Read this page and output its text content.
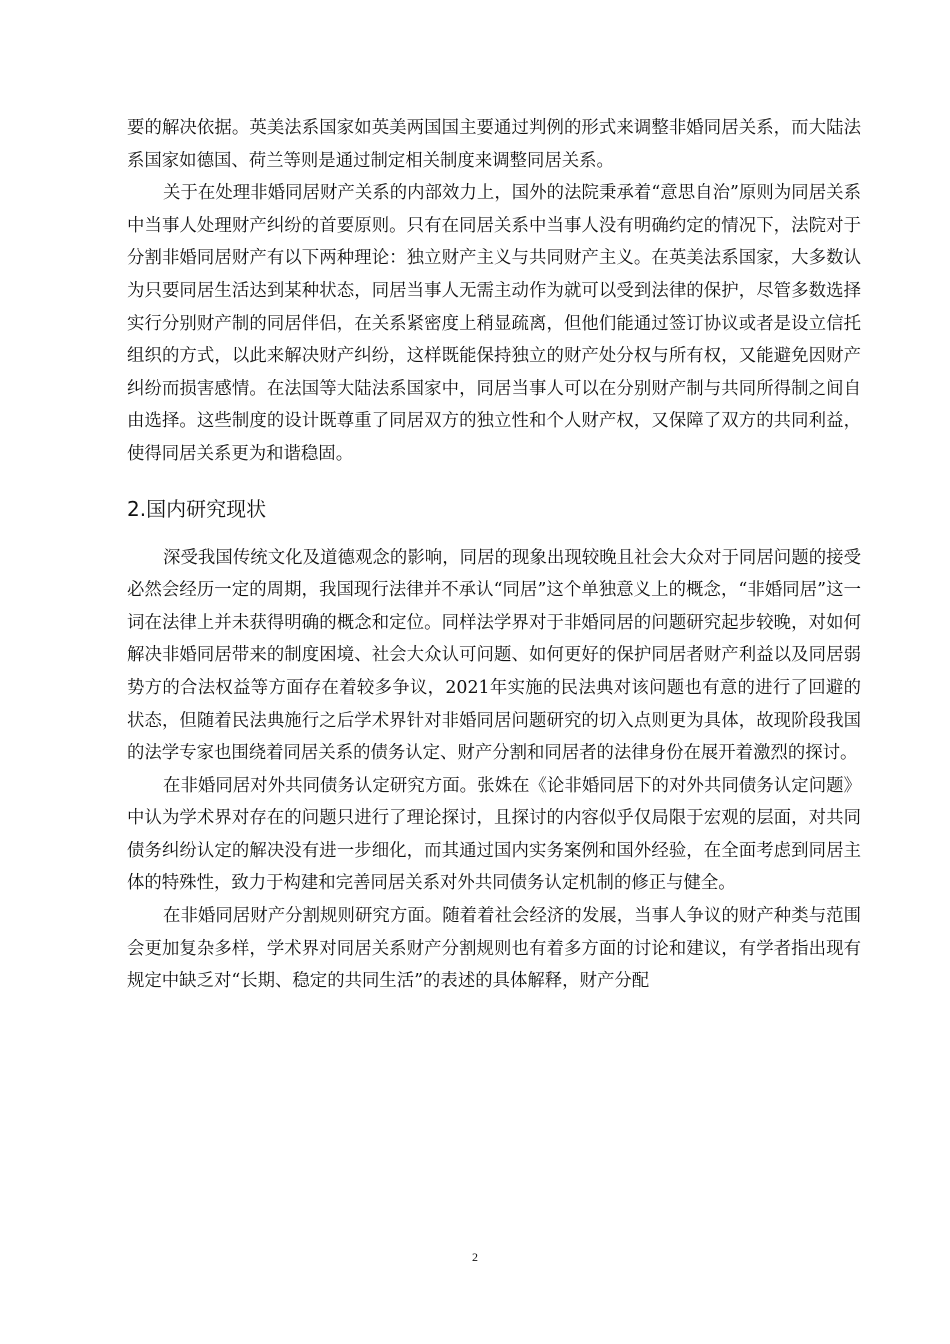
要的解决依据。英美法系国家如英美两国国主要通过判例的形式来调整非婚同居关系，而大陆法系国家如德国、荷兰等则是通过制定相关制度来调整同居关系。

关于在处理非婚同居财产关系的内部效力上，国外的法院秉承着“意思自治”原则为同居关系中当事人处理财产纠纷的首要原则。只有在同居关系中当事人没有明确约定的情况下，法院对于分割非婚同居财产有以下两种理论：独立财产主义与共同财产主义。在英美法系国家，大多数认为只要同居生活达到某种状态，同居当事人无需主动作为就可以受到法律的保护，尽管多数选择实行分别财产制的同居伴侣，在关系紧密度上稍显疏离，但他们能通过签订协议或者是设立信托组织的方式，以此来解决财产纠纷，这样既能保持独立的财产处分权与所有权，又能避免因财产纠纷而损害感情。在法国等大陆法系国家中，同居当事人可以在分别财产制与共同所得制之间自由选择。这些制度的设计既尊重了同居双方的独立性和个人财产权，又保障了双方的共同利益，使得同居关系更为和谐稳固。

2.国内研究现状

深受我国传统文化及道德观念的影响，同居的现象出现较晚且社会大众对于同居问题的接受必然会经历一定的周期，我国现行法律并不承认“同居”这个单独意义上的概念，“非婚同居”这一词在法律上并未获得明确的概念和定位。同样法学界对于非婚同居的问题研究起步较晚，对如何解决非婚同居带来的制度困境、社会大众认可问题、如何更好的保护同居者财产利益以及同居弱势方的合法权益等方面存在着较多争议，2021年实施的民法典对该问题也有意的进行了回避的状态，但随着民法典施行之后学术界针对非婚同居问题研究的切入点则更为具体，故现阶段我国的法学专家也围绕着同居关系的债务认定、财产分割和同居者的法律身份在展开着激烈的探讨。

在非婚同居对外共同债务认定研究方面。张姝在《论非婚同居下的对外共同债务认定问题》中认为学术界对存在的问题只进行了理论探讨，且探讨的内容似乎仅局限于宏观的层面，对共同债务纠纷认定的解决没有进一步细化，而其通过国内实务案例和国外经验，在全面考虑到同居主体的特殊性，致力于构建和完善同居关系对外共同债务认定机制的修正与健全。

在非婚同居财产分割规则研究方面。随着着社会经济的发展，当事人争议的财产种类与范围会更加复杂多样，学术界对同居关系财产分割规则也有着多方面的讨论和建议，有学者指出现有规定中缺乏对“长期、稳定的共同生活”的表述的具体解释，财产分配

2
